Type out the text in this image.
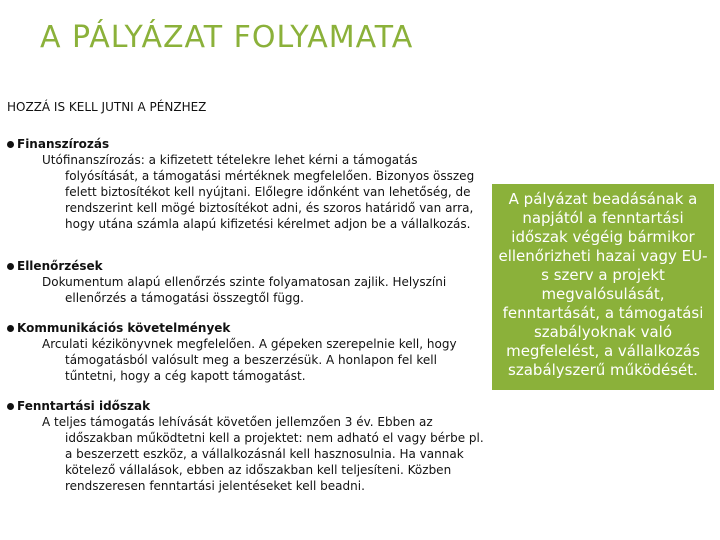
A PÁLYÁZAT FOLYAMATA

HOZZÁ IS KELL JUTNI A PÉNZHEZ

Finanszírozás

Utófinanszírozás: a kifizetett tételekre lehet kérni a támogatás folyósítását, a támogatási mértéknek megfelelően. Bizonyos összeg felett biztosítékot kell nyújtani. Előlegre időnként van lehetőség, de rendszerint kell mögé biztosítékot adni, és szoros határidő van arra, hogy utána számla alapú kifizetési kérelmet adjon be a vállalkozás.

Ellenőrzések

Dokumentum alapú ellenőrzés szinte folyamatosan zajlik. Helyszíni ellenőrzés a támogatási összegtől függ.

Kommunikációs követelmények

Arculati kézikönyvnek megfelelően. A gépeken szerepelnie kell, hogy támogatásból valósult meg a beszerzésük. A honlapon fel kell tűntetni, hogy a cég kapott támogatást.

Fenntartási időszak

A teljes támogatás lehívását követően jellemzően 3 év. Ebben az időszakban működtetni kell a projektet: nem adható el vagy bérbe pl. a beszerzett eszköz, a vállalkozásnál kell hasznosulnia. Ha vannak kötelező vállalások, ebben az időszakban kell teljesíteni. Közben rendszeresen fenntartási jelentéseket kell beadni.

A pályázat beadásának a napjától a fenntartási időszak végéig bármikor ellenőrizheti hazai vagy EU-s szerv a projekt megvalósulását, fenntartását, a támogatási szabályoknak való megfelelést, a vállalkozás szabályszerű működését.
